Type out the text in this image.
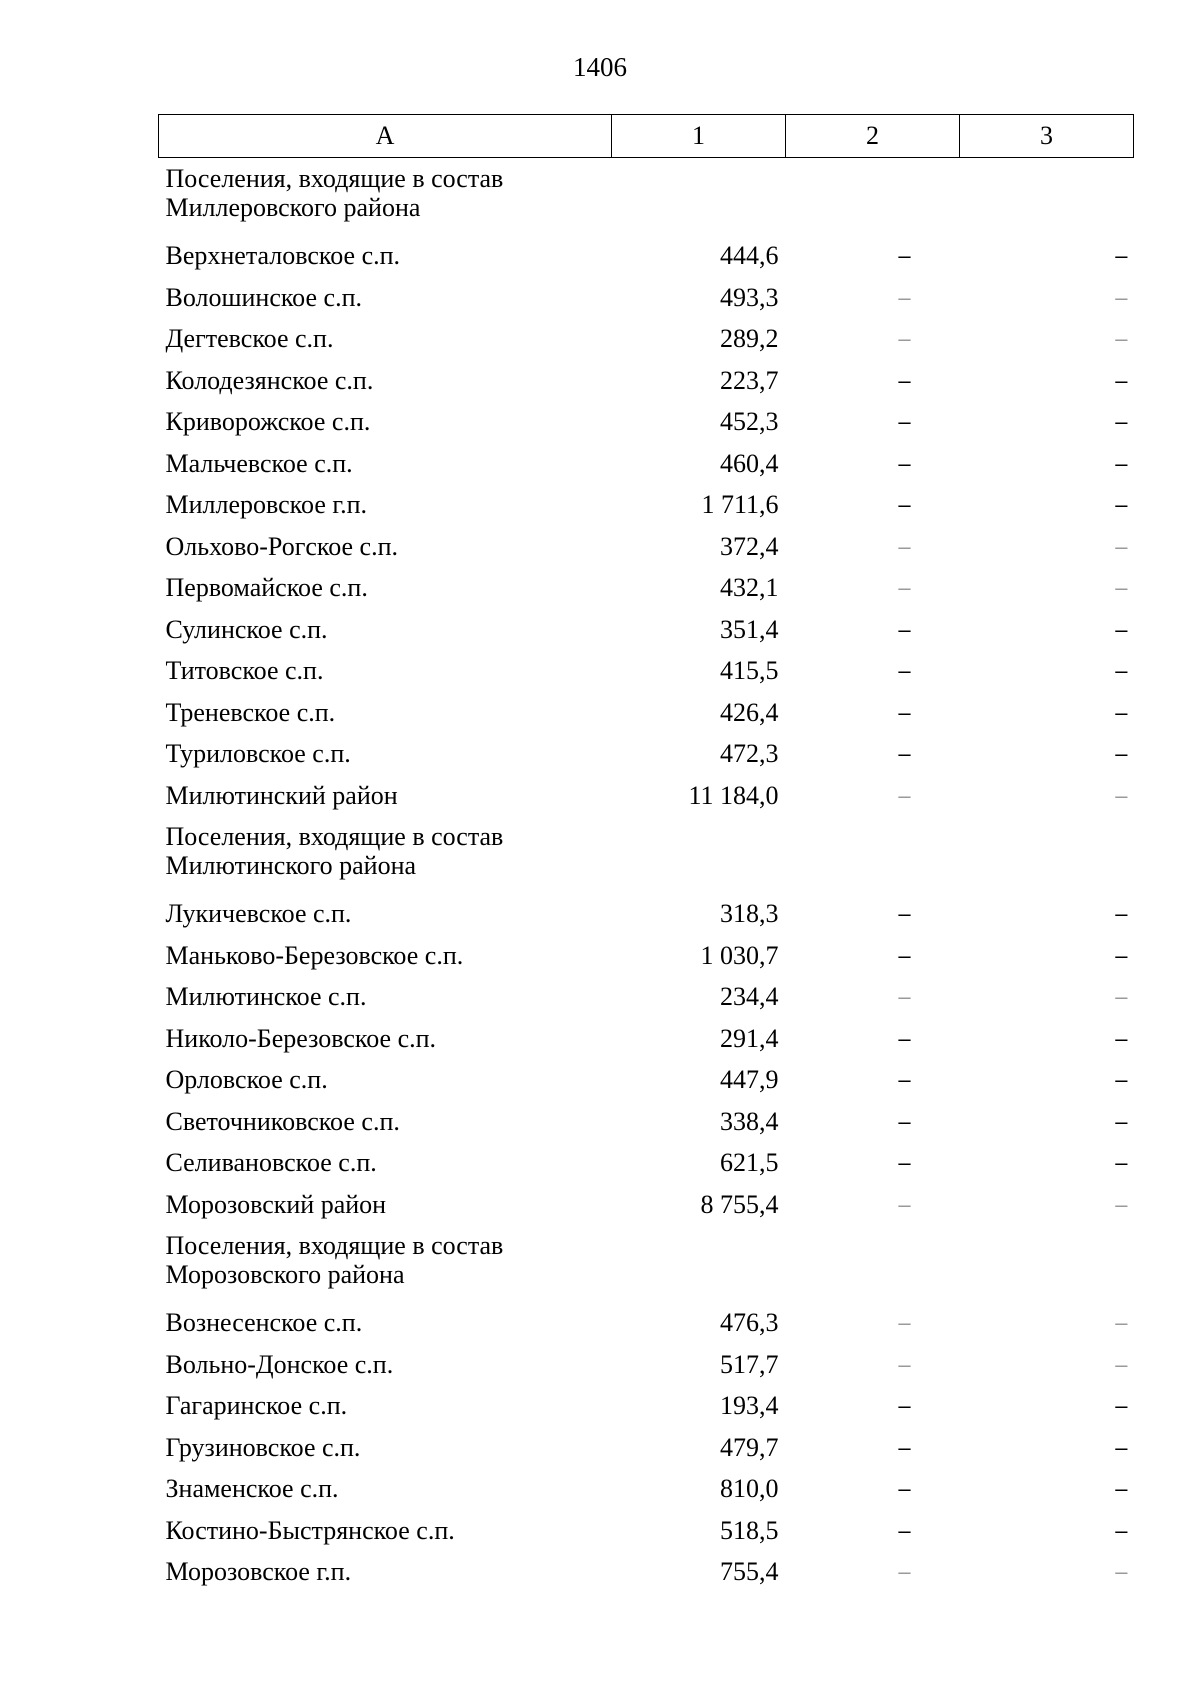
1406
А	1	2	3
Поселения, входящие в состав Миллеровского района			
Верхнеталовское с.п.	444,6	–	–
Волошинское с.п.	493,3	–	–
Дегтевское с.п.	289,2	–	–
Колодезянское с.п.	223,7	–	–
Криворожское с.п.	452,3	–	–
Мальчевское с.п.	460,4	–	–
Миллеровское г.п.	1 711,6	–	–
Ольхово-Рогское с.п.	372,4	–	–
Первомайское с.п.	432,1	–	–
Сулинское с.п.	351,4	–	–
Титовское с.п.	415,5	–	–
Треневское с.п.	426,4	–	–
Туриловское с.п.	472,3	–	–
Милютинский район	11 184,0	–	–
Поселения, входящие в состав Милютинского района			
Лукичевское с.п.	318,3	–	–
Маньково-Березовское с.п.	1 030,7	–	–
Милютинское с.п.	234,4	–	–
Николо-Березовское с.п.	291,4	–	–
Орловское с.п.	447,9	–	–
Светочниковское с.п.	338,4	–	–
Селивановское с.п.	621,5	–	–
Морозовский район	8 755,4	–	–
Поселения, входящие в состав Морозовского района			
Вознесенское с.п.	476,3	–	–
Вольно-Донское с.п.	517,7	–	–
Гагаринское с.п.	193,4	–	–
Грузиновское с.п.	479,7	–	–
Знаменское с.п.	810,0	–	–
Костино-Быстрянское с.п.	518,5	–	–
Морозовское г.п.	755,4	–	–
